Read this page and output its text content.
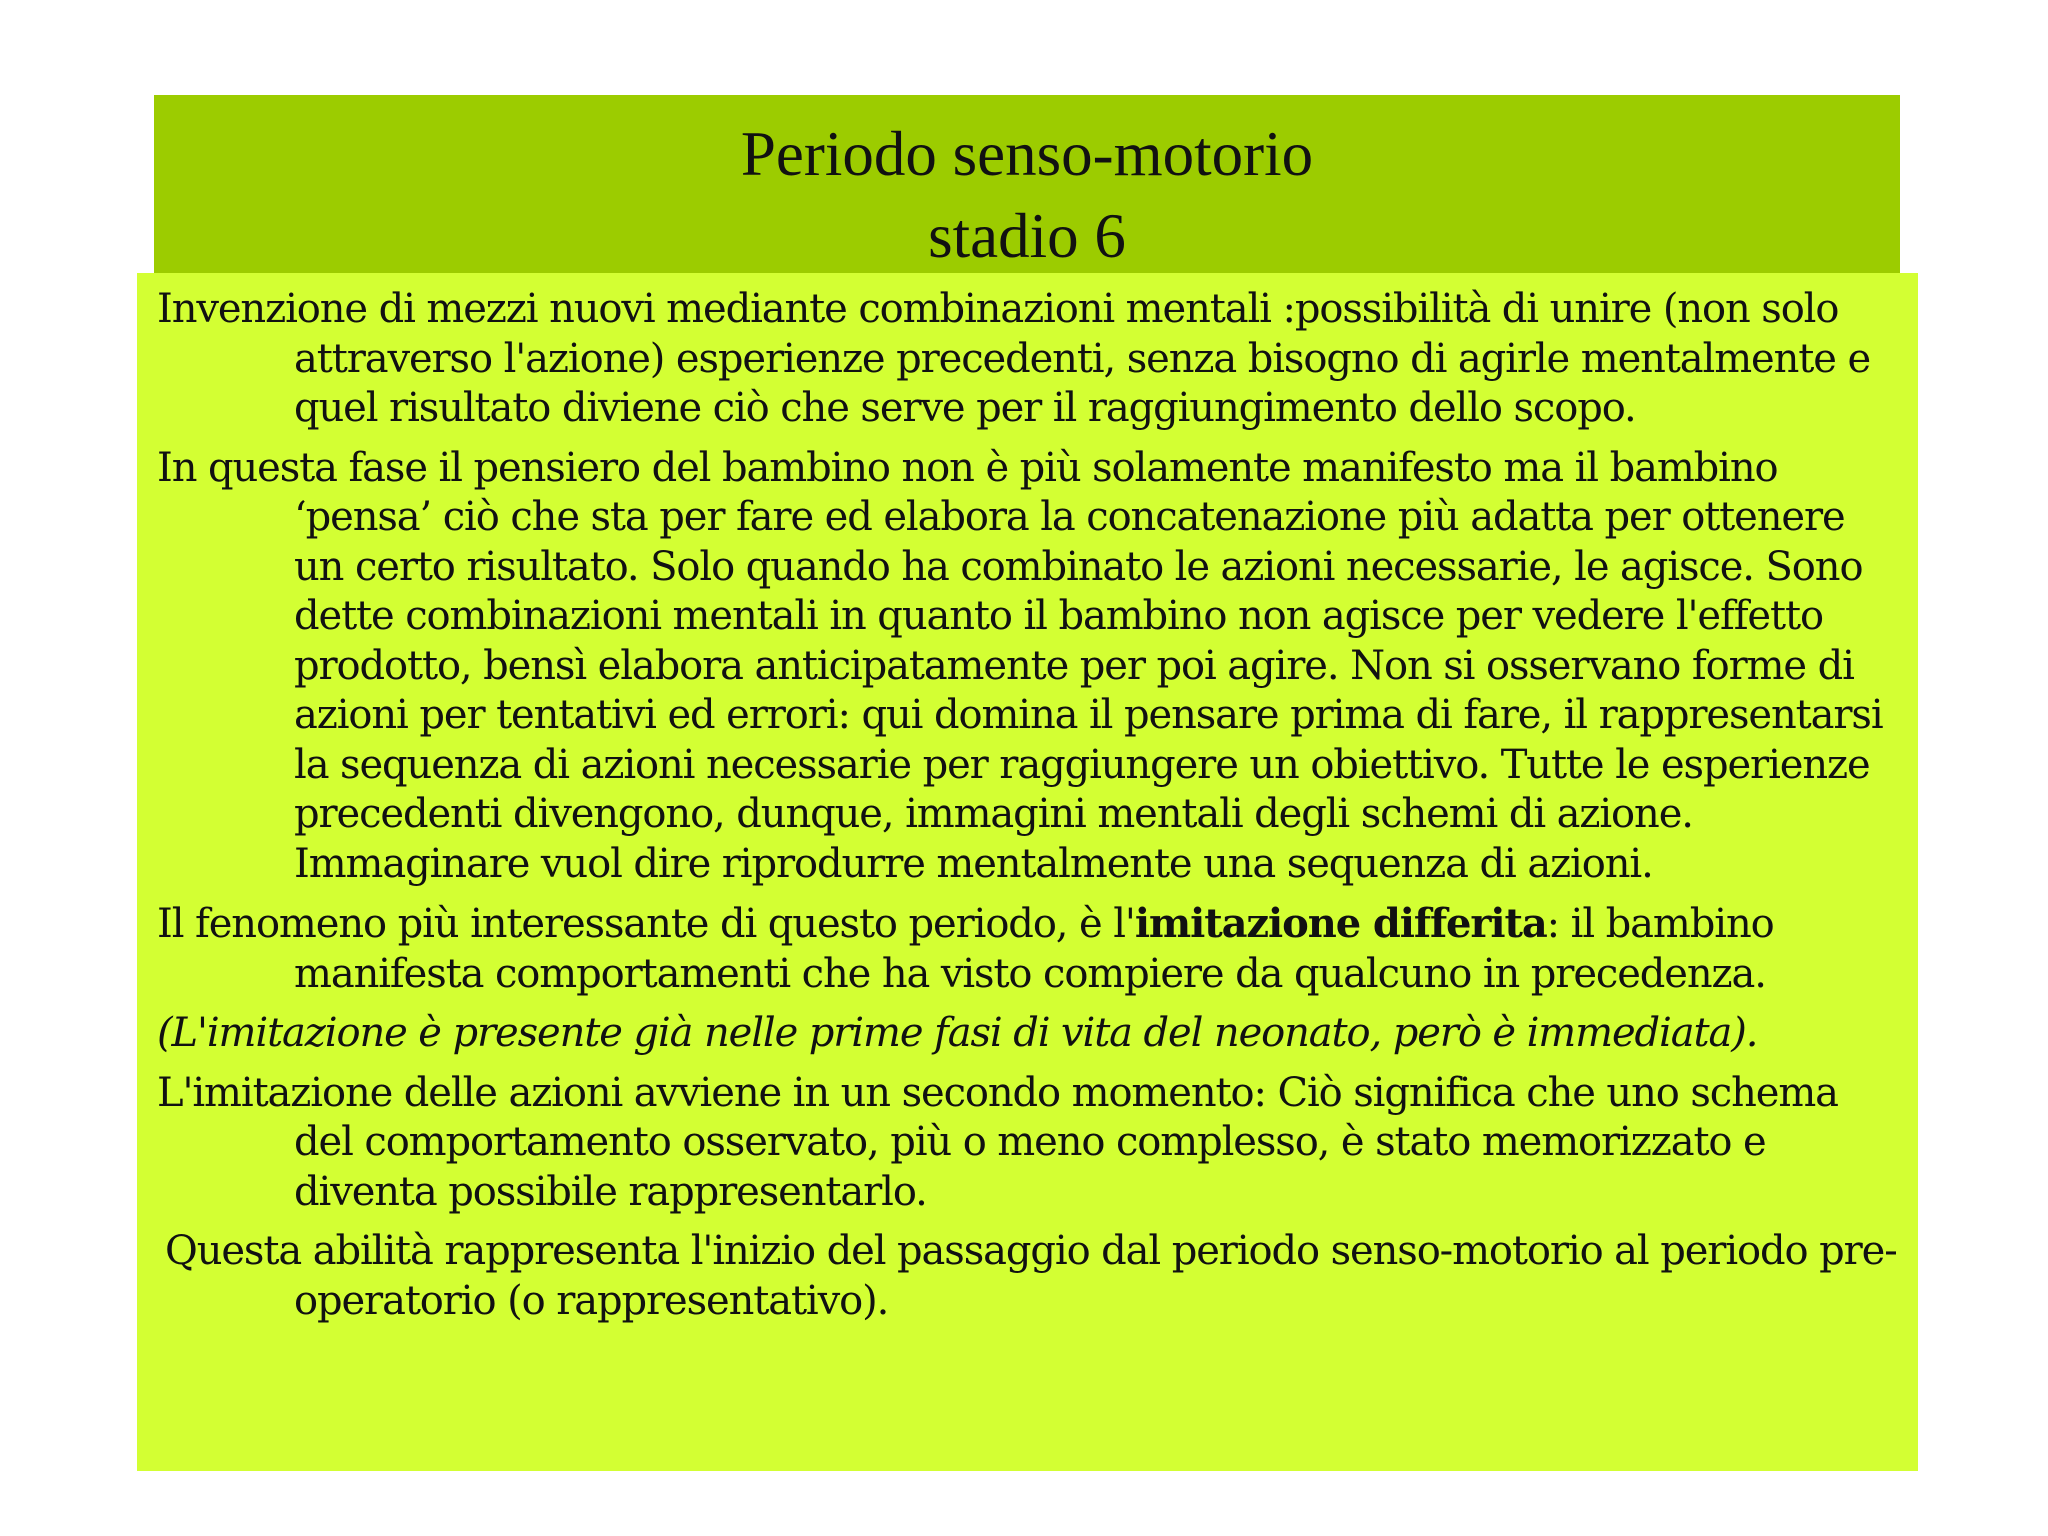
Periodo senso-motorio
stadio 6

Invenzione di mezzi nuovi mediante combinazioni mentali :possibilità di unire (non solo attraverso l'azione) esperienze precedenti, senza bisogno di agirle mentalmente e quel risultato diviene ciò che serve per il raggiungimento dello scopo.

In questa fase il pensiero del bambino non è più solamente manifesto ma il bambino ‘pensa’ ciò che sta per fare ed elabora la concatenazione più adatta per ottenere un certo risultato. Solo quando ha combinato le azioni necessarie, le agisce. Sono dette combinazioni mentali in quanto il bambino non agisce per vedere l'effetto prodotto, bensì elabora anticipatamente per poi agire. Non si osservano forme di azioni per tentativi ed errori: qui domina il pensare prima di fare, il rappresentarsi la sequenza di azioni necessarie per raggiungere un obiettivo. Tutte le esperienze precedenti divengono, dunque, immagini mentali degli schemi di azione. Immaginare vuol dire riprodurre mentalmente una sequenza di azioni.

Il fenomeno più interessante di questo periodo, è l'imitazione differita: il bambino manifesta comportamenti che ha visto compiere da qualcuno in precedenza.

(L'imitazione è presente già nelle prime fasi di vita del neonato, però è immediata).

L'imitazione delle azioni avviene in un secondo momento: Ciò significa che uno schema del comportamento osservato, più o meno complesso, è stato memorizzato e diventa possibile rappresentarlo.

Questa abilità rappresenta l'inizio del passaggio dal periodo senso-motorio al periodo pre-operatorio (o rappresentativo).
